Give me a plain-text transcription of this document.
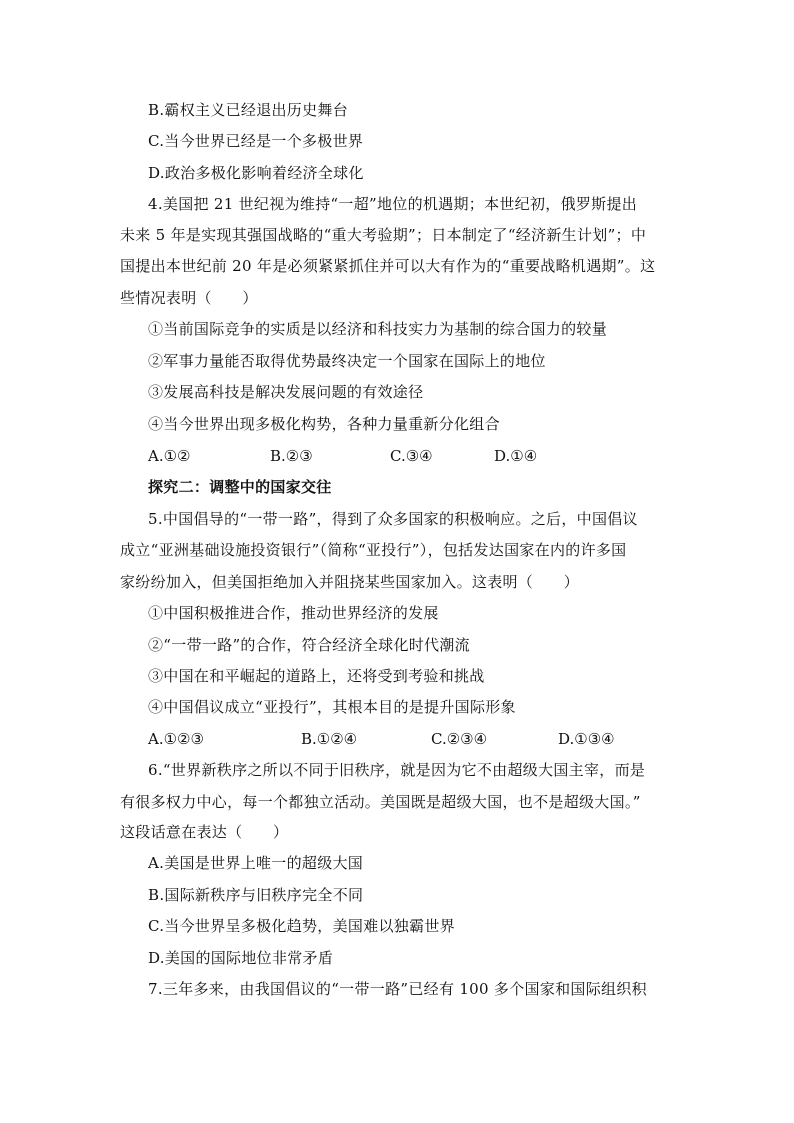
B.霸权主义已经退出历史舞台
C.当今世界已经是一个多极世界
D.政治多极化影响着经济全球化
4.美国把 21 世纪视为维持“一超”地位的机遇期；本世纪初，俄罗斯提出
未来 5 年是实现其强国战略的“重大考验期”；日本制定了“经济新生计划”；中
国提出本世纪前 20 年是必须紧紧抓住并可以大有作为的“重要战略机遇期”。这
些情况表明（　　）
①当前国际竞争的实质是以经济和科技实力为基制的综合国力的较量
②军事力量能否取得优势最终决定一个国家在国际上的地位
③发展高科技是解决发展问题的有效途径
④当今世界出现多极化构势，各种力量重新分化组合
A.①②	B.②③	C.③④	D.①④
探究二：调整中的国家交往
5.中国倡导的“一带一路”，得到了众多国家的积极响应。之后，中国倡议
成立“亚洲基础设施投资银行”（简称“亚投行”），包括发达国家在内的许多国
家纷纷加入，但美国拒绝加入并阻挠某些国家加入。这表明（　　）
①中国积极推进合作，推动世界经济的发展
②“一带一路”的合作，符合经济全球化时代潮流
③中国在和平崛起的道路上，还将受到考验和挑战
④中国倡议成立“亚投行”，其根本目的是提升国际形象
A.①②③	B.①②④	C.②③④	D.①③④
6.“世界新秩序之所以不同于旧秩序，就是因为它不由超级大国主宰，而是
有很多权力中心，每一个都独立活动。美国既是超级大国，也不是超级大国。”
这段话意在表达（　　）
A.美国是世界上唯一的超级大国
B.国际新秩序与旧秩序完全不同
C.当今世界呈多极化趋势，美国难以独霸世界
D.美国的国际地位非常矛盾
7.三年多来，由我国倡议的“一带一路”已经有 100 多个国家和国际组织积
